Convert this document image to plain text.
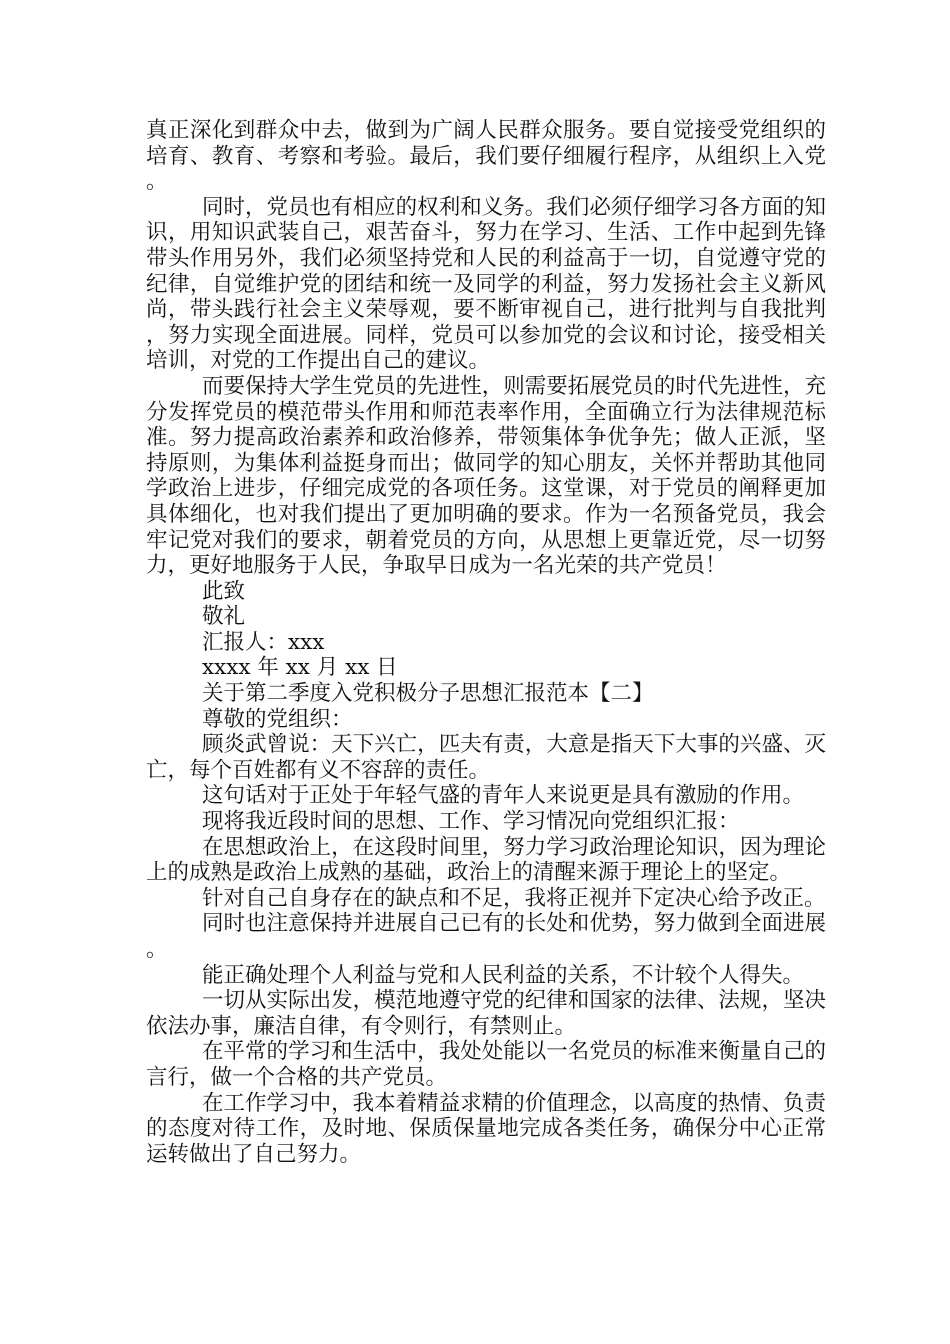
真正深化到群众中去，做到为广阔人民群众服务。要自觉接受党组织的培育、教育、考察和考验。最后，我们要仔细履行程序，从组织上入党。

同时，党员也有相应的权利和义务。我们必须仔细学习各方面的知识，用知识武装自己，艰苦奋斗，努力在学习、生活、工作中起到先锋带头作用另外，我们必须坚持党和人民的利益高于一切，自觉遵守党的纪律，自觉维护党的团结和统一及同学的利益，努力发扬社会主义新风尚，带头践行社会主义荣辱观，要不断审视自己，进行批判与自我批判，努力实现全面进展。同样，党员可以参加党的会议和讨论，接受相关培训，对党的工作提出自己的建议。

而要保持大学生党员的先进性，则需要拓展党员的时代先进性，充分发挥党员的模范带头作用和师范表率作用，全面确立行为法律规范标准。努力提高政治素养和政治修养，带领集体争优争先；做人正派，坚持原则，为集体利益挺身而出；做同学的知心朋友，关怀并帮助其他同学政治上进步，仔细完成党的各项任务。这堂课，对于党员的阐释更加具体细化，也对我们提出了更加明确的要求。作为一名预备党员，我会牢记党对我们的要求，朝着党员的方向，从思想上更靠近党，尽一切努力，更好地服务于人民，争取早日成为一名光荣的共产党员！

此致

敬礼

汇报人：xxx

xxxx 年 xx 月 xx 日

关于第二季度入党积极分子思想汇报范本【二】

尊敬的党组织：

顾炎武曾说：天下兴亡，匹夫有责，大意是指天下大事的兴盛、灭亡，每个百姓都有义不容辞的责任。

这句话对于正处于年轻气盛的青年人来说更是具有激励的作用。

现将我近段时间的思想、工作、学习情况向党组织汇报：

在思想政治上，在这段时间里，努力学习政治理论知识，因为理论上的成熟是政治上成熟的基础，政治上的清醒来源于理论上的坚定。

针对自己自身存在的缺点和不足，我将正视并下定决心给予改正。

同时也注意保持并进展自己已有的长处和优势，努力做到全面进展。

能正确处理个人利益与党和人民利益的关系，不计较个人得失。

一切从实际出发，模范地遵守党的纪律和国家的法律、法规，坚决依法办事，廉洁自律，有令则行，有禁则止。

在平常的学习和生活中，我处处能以一名党员的标准来衡量自己的言行，做一个合格的共产党员。

在工作学习中，我本着精益求精的价值理念，以高度的热情、负责的态度对待工作，及时地、保质保量地完成各类任务，确保分中心正常运转做出了自己努力。
